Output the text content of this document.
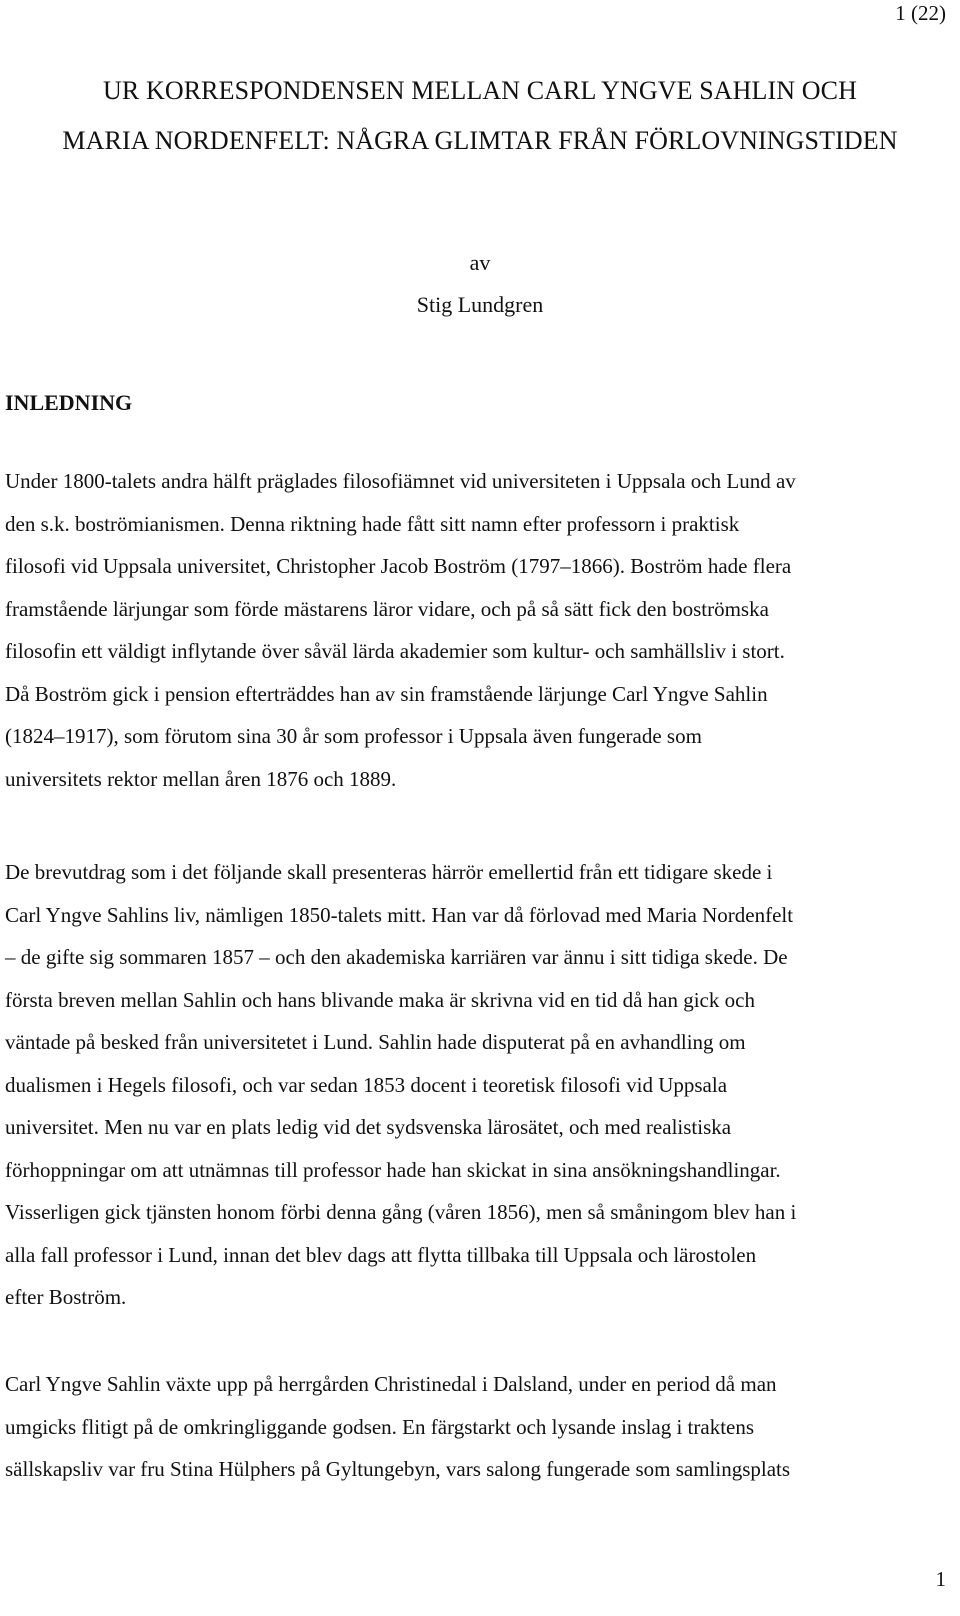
1 (22)
UR KORRESPONDENSEN MELLAN CARL YNGVE SAHLIN OCH
MARIA NORDENFELT: NÅGRA GLIMTAR FRÅN FÖRLOVNINGSTIDEN

av

Stig Lundgren

INLEDNING

Under 1800-talets andra hälft präglades filosofiämnet vid universiteten i Uppsala och Lund av
den s.k. boströmianismen. Denna riktning hade fått sitt namn efter professorn i praktisk
filosofi vid Uppsala universitet, Christopher Jacob Boström (1797–1866). Boström hade flera
framstående lärjungar som förde mästarens läror vidare, och på så sätt fick den boströmska
filosofin ett väldigt inflytande över såväl lärda akademier som kultur- och samhällsliv i stort.
Då Boström gick i pension efterträddes han av sin framstående lärjunge Carl Yngve Sahlin
(1824–1917), som förutom sina 30 år som professor i Uppsala även fungerade som
universitets rektor mellan åren 1876 och 1889.

De brevutdrag som i det följande skall presenteras härrör emellertid från ett tidigare skede i
Carl Yngve Sahlins liv, nämligen 1850-talets mitt. Han var då förlovad med Maria Nordenfelt
– de gifte sig sommaren 1857 – och den akademiska karriären var ännu i sitt tidiga skede. De
första breven mellan Sahlin och hans blivande maka är skrivna vid en tid då han gick och
väntade på besked från universitetet i Lund. Sahlin hade disputerat på en avhandling om
dualismen i Hegels filosofi, och var sedan 1853 docent i teoretisk filosofi vid Uppsala
universitet. Men nu var en plats ledig vid det sydsvenska lärosätet, och med realistiska
förhoppningar om att utnämnas till professor hade han skickat in sina ansökningshandlingar.
Visserligen gick tjänsten honom förbi denna gång (våren 1856), men så småningom blev han i
alla fall professor i Lund, innan det blev dags att flytta tillbaka till Uppsala och lärostolen
efter Boström.

Carl Yngve Sahlin växte upp på herrgården Christinedal i Dalsland, under en period då man
umgicks flitigt på de omkringliggande godsen. En färgstarkt och lysande inslag i traktens
sällskapsliv var fru Stina Hülphers på Gyltungebyn, vars salong fungerade som samlingsplats

1
